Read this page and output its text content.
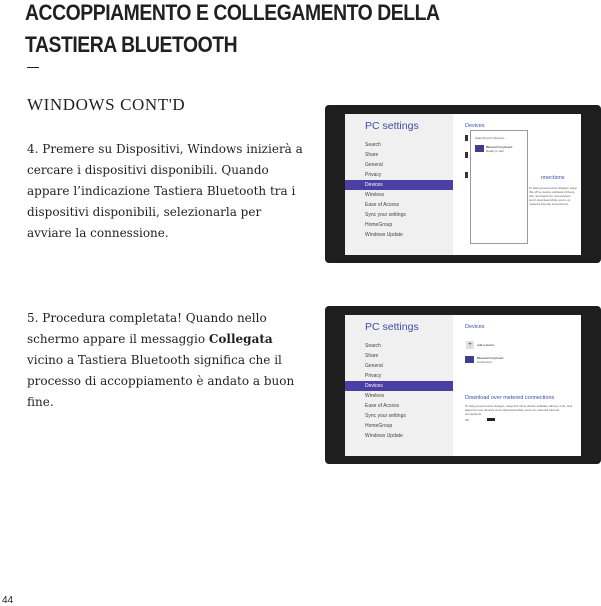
ACCOPPIAMENTO E COLLEGAMENTO DELLA TASTIERA BLUETOOTH
WINDOWS CONT'D

4. Premere su Dispositivi, Windows inizierà a cercare i dispositivi disponibili. Quando appare l’indicazione Tastiera Bluetooth tra i dispositivi disponibili, selezionarla per avviare la connessione.

5. Procedura completata! Quando nello schermo appare il messaggio Collegata vicino a Tastiera Bluetooth significa che il processo di accoppiamento è andato a buon fine.

PC settings
Search
Share
General
Privacy
Devices
Wireless
Ease of Access
Sync your settings
HomeGroup
Windows Update
Devices
Searching for devices...
Bluetooth Keyboard
Ready to pair
nnections
To help prevent extra charges, keep this off so device software (drivers, info, and apps) for new devices won't download while you're on metered Internet connections.
PC settings
Search
Share
General
Privacy
Devices
Wireless
Ease of Access
Sync your settings
HomeGroup
Windows Update
Devices
+	Add a device
Bluetooth Keyboard
Connected
Download over metered connections
To help prevent extra charges, keep this off so device software (drivers, info, and apps) for new devices won't download while you're on metered Internet connections.
Off
44
